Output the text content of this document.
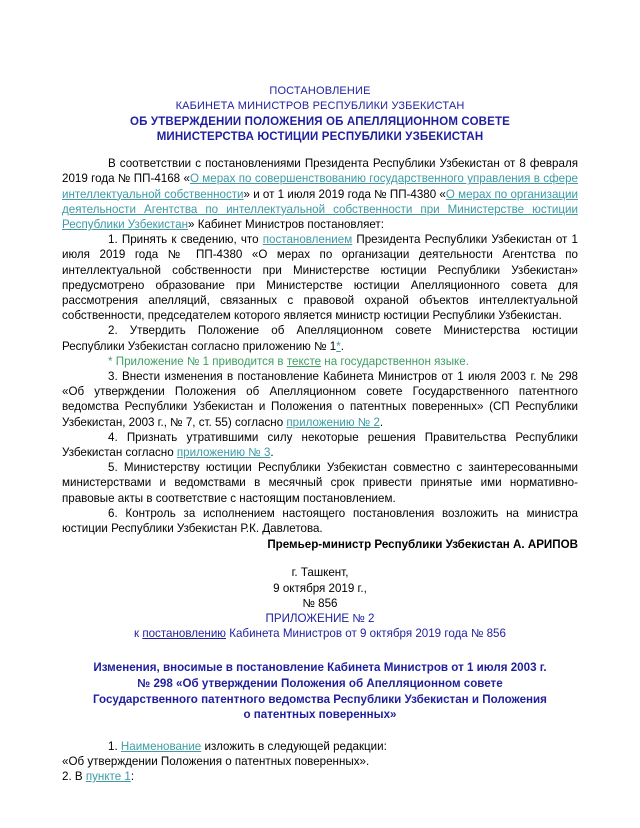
ПОСТАНОВЛЕНИЕ
КАБИНЕТА МИНИСТРОВ РЕСПУБЛИКИ УЗБЕКИСТАН
ОБ УТВЕРЖДЕНИИ ПОЛОЖЕНИЯ ОБ АПЕЛЛЯЦИОННОМ СОВЕТЕ
МИНИСТЕРСТВА ЮСТИЦИИ РЕСПУБЛИКИ УЗБЕКИСТАН

В соответствии с постановлениями Президента Республики Узбекистан от 8 февраля 2019 года № ПП-4168 «О мерах по совершенствованию государственного управления в сфере интеллектуальной собственности» и от 1 июля 2019 года № ПП-4380 «О мерах по организации деятельности Агентства по интеллектуальной собственности при Министерстве юстиции Республики Узбекистан» Кабинет Министров постановляет:

1. Принять к сведению, что постановлением Президента Республики Узбекистан от 1 июля 2019 года № ПП-4380 «О мерах по организации деятельности Агентства по интеллектуальной собственности при Министерстве юстиции Республики Узбекистан» предусмотрено образование при Министерстве юстиции Апелляционного совета для рассмотрения апелляций, связанных с правовой охраной объектов интеллектуальной собственности, председателем которого является министр юстиции Республики Узбекистан.

2. Утвердить Положение об Апелляционном совете Министерства юстиции Республики Узбекистан согласно приложению № 1*.

* Приложение № 1 приводится в тексте на государственнон языке.

3. Внести изменения в постановление Кабинета Министров от 1 июля 2003 г. № 298 «Об утверждении Положения об Апелляционном совете Государственного патентного ведомства Республики Узбекистан и Положения о патентных поверенных» (СП Республики Узбекистан, 2003 г., № 7, ст. 55) согласно приложению № 2.

4. Признать утратившими силу некоторые решения Правительства Республики Узбекистан согласно приложению № 3.

5. Министерству юстиции Республики Узбекистан совместно с заинтересованными министерствами и ведомствами в месячный срок привести принятые ими нормативно-правовые акты в соответствие с настоящим постановлением.

6. Контроль за исполнением настоящего постановления возложить на министра юстиции Республики Узбекистан Р.К. Давлетова.

Премьер-министр Республики Узбекистан А. АРИПОВ

г. Ташкент,

9 октября 2019 г.,

№ 856

ПРИЛОЖЕНИЕ № 2

к постановлению Кабинета Министров от 9 октября 2019 года № 856

Изменения, вносимые в постановление Кабинета Министров от 1 июля 2003 г.
№ 298 «Об утверждении Положения об Апелляционном совете
Государственного патентного ведомства Республики Узбекистан и Положения
о патентных поверенных»

1. Наименование изложить в следующей редакции:

«Об утверждении Положения о патентных поверенных».

2. В пункте 1:
